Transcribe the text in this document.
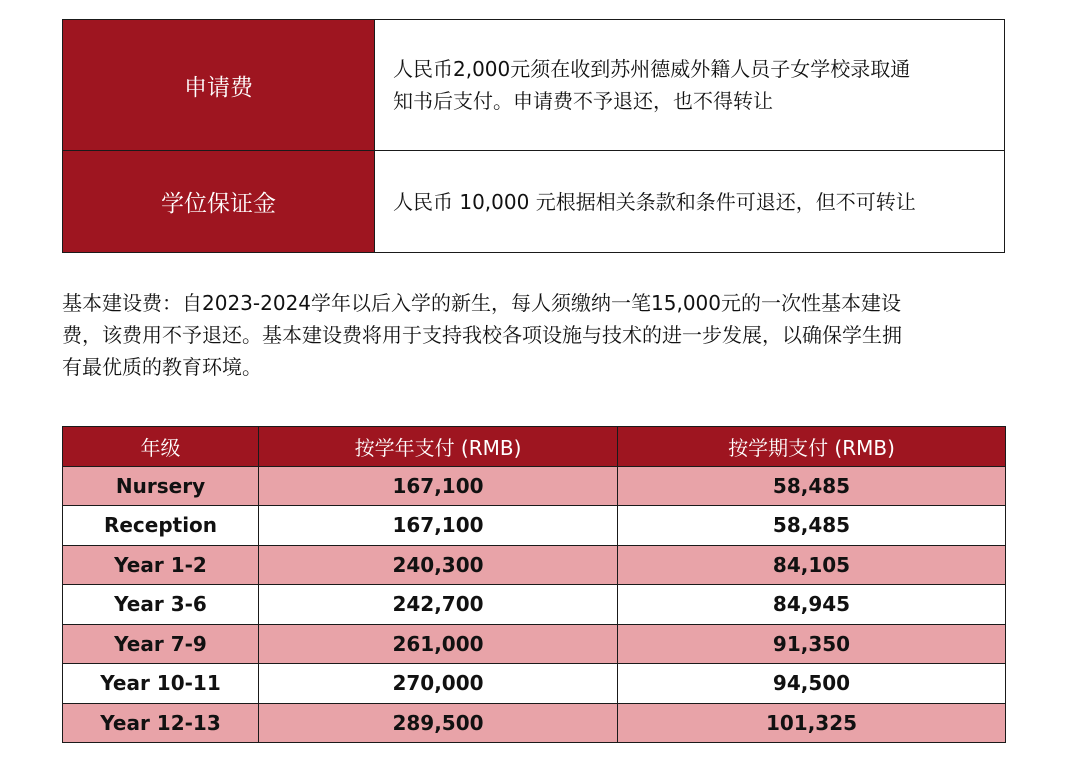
申请费	人民币2,000元须在收到苏州德威外籍人员子女学校录取通
知书后支付。申请费不予退还，也不得转让

学位保证金	人民币 10,000 元根据相关条款和条件可退还，但不可转让
基本建设费：自2023-2024学年以后入学的新生，每人须缴纳一笔15,000元的一次性基本建设
费，该费用不予退还。基本建设费将用于支持我校各项设施与技术的进一步发展，以确保学生拥
有最优质的教育环境。
年级	按学年支付 (RMB)	按学期支付 (RMB)
Nursery	167,100	58,485
Reception	167,100	58,485
Year 1-2	240,300	84,105
Year 3-6	242,700	84,945
Year 7-9	261,000	91,350
Year 10-11	270,000	94,500
Year 12-13	289,500	101,325
